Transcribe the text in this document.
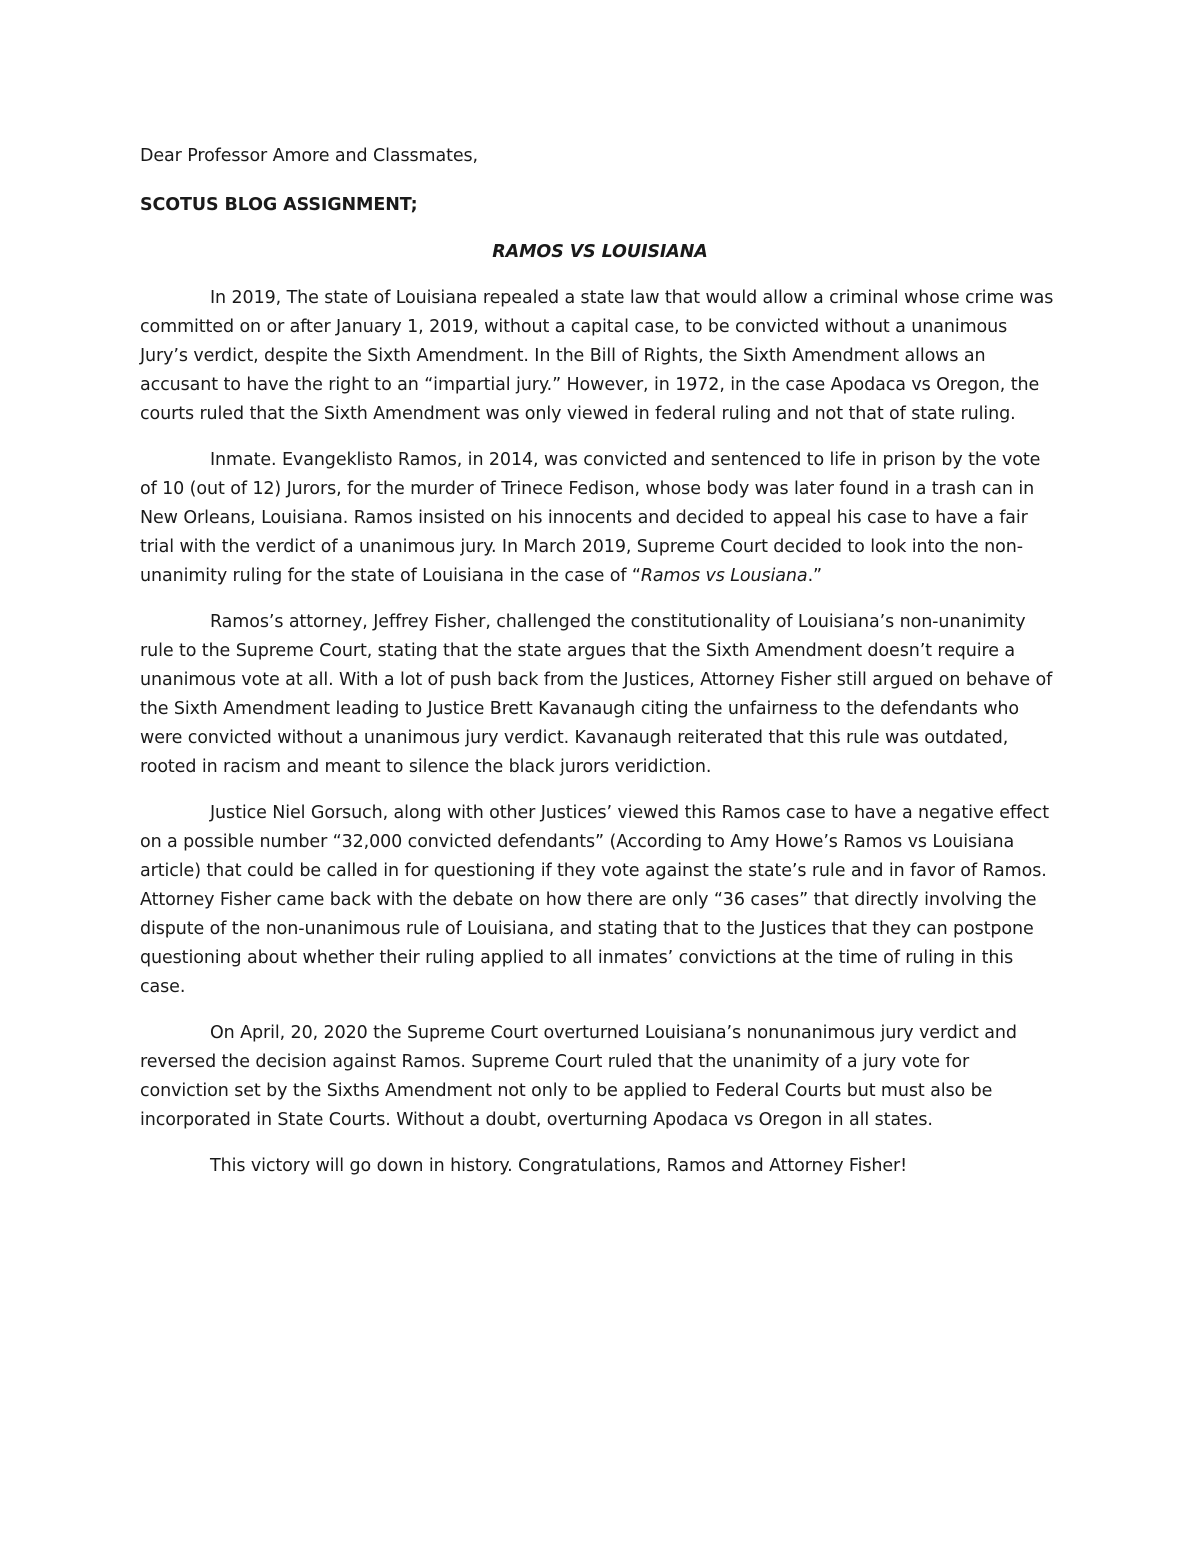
Dear Professor Amore and Classmates,

SCOTUS BLOG ASSIGNMENT;

RAMOS VS LOUISIANA

In 2019, The state of Louisiana repealed a state law that would allow a criminal whose crime was committed on or after January 1, 2019, without a capital case, to be convicted without a unanimous Jury’s verdict, despite the Sixth Amendment. In the Bill of Rights, the Sixth Amendment allows an accusant to have the right to an “impartial jury.” However, in 1972, in the case Apodaca vs Oregon, the courts ruled that the Sixth Amendment was only viewed in federal ruling and not that of state ruling.

Inmate. Evangeklisto Ramos, in 2014, was convicted and sentenced to life in prison by the vote of 10 (out of 12) Jurors, for the murder of Trinece Fedison, whose body was later found in a trash can in New Orleans, Louisiana. Ramos insisted on his innocents and decided to appeal his case to have a fair trial with the verdict of a unanimous jury. In March 2019, Supreme Court decided to look into the non-unanimity ruling for the state of Louisiana in the case of “Ramos vs Lousiana.”

Ramos’s attorney, Jeffrey Fisher, challenged the constitutionality of Louisiana’s non-unanimity rule to the Supreme Court, stating that the state argues that the Sixth Amendment doesn’t require a unanimous vote at all. With a lot of push back from the Justices, Attorney Fisher still argued on behave of the Sixth Amendment leading to Justice Brett Kavanaugh citing the unfairness to the defendants who were convicted without a unanimous jury verdict. Kavanaugh reiterated that this rule was outdated, rooted in racism and meant to silence the black jurors veridiction.

Justice Niel Gorsuch, along with other Justices’ viewed this Ramos case to have a negative effect on a possible number “32,000 convicted defendants” (According to Amy Howe’s Ramos vs Louisiana article) that could be called in for questioning if they vote against the state’s rule and in favor of Ramos. Attorney Fisher came back with the debate on how there are only “36 cases” that directly involving the dispute of the non-unanimous rule of Louisiana, and stating that to the Justices that they can postpone questioning about whether their ruling applied to all inmates’ convictions at the time of ruling in this case.

On April, 20, 2020 the Supreme Court overturned Louisiana’s nonunanimous jury verdict and reversed the decision against Ramos. Supreme Court ruled that the unanimity of a jury vote for conviction set by the Sixths Amendment not only to be applied to Federal Courts but must also be incorporated in State Courts. Without a doubt, overturning Apodaca vs Oregon in all states.

This victory will go down in history. Congratulations, Ramos and Attorney Fisher!
